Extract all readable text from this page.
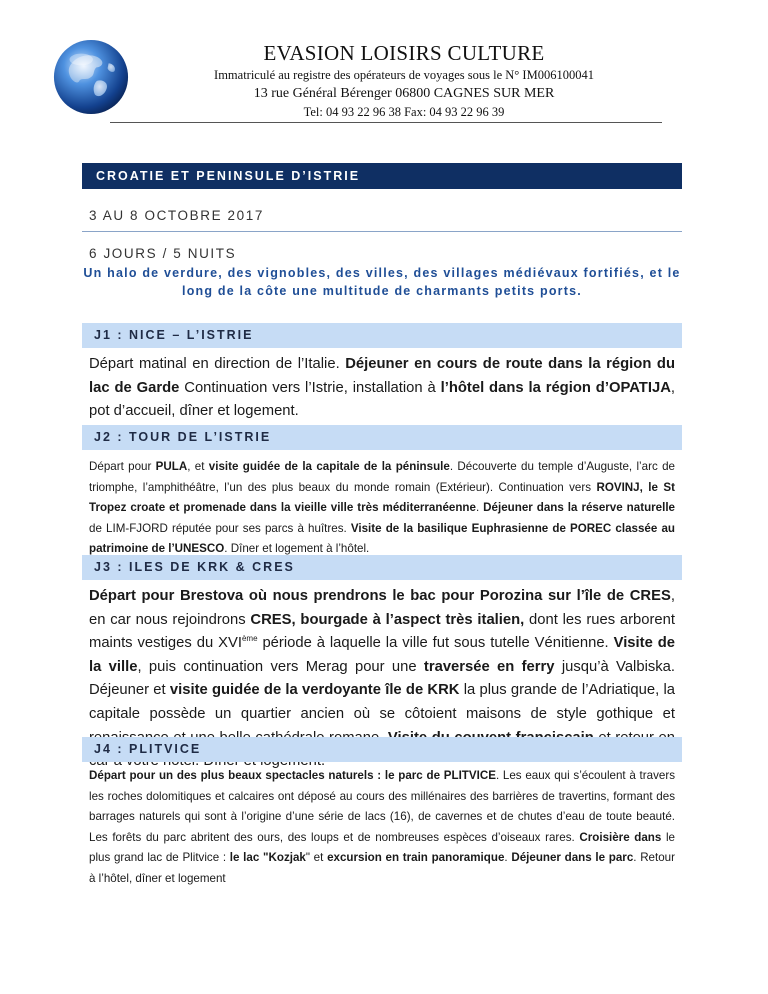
EVASION LOISIRS CULTURE
Immatriculé au registre des opérateurs de voyages sous le N° IM006100041
13 rue Général Bérenger 06800 CAGNES SUR MER
Tel: 04 93 22 96 38 Fax: 04 93 22 96 39
CROATIE ET PENINSULE D’ISTRIE
3 AU 8 OCTOBRE 2017
6 JOURS / 5 NUITS
Un halo de verdure, des vignobles, des villes, des villages médiévaux fortifiés, et le long de la côte une multitude de charmants petits ports.
J1 : NICE – L’ISTRIE
Départ matinal en direction de l’Italie. Déjeuner en cours de route dans la région du lac de Garde Continuation vers l’Istrie, installation à l’hôtel dans la région d’OPATIJA, pot d’accueil, dîner et logement.
J2 : TOUR DE L’ISTRIE
Départ pour PULA, et visite guidée de la capitale de la péninsule. Découverte du temple d’Auguste, l’arc de triomphe, l’amphithéâtre, l’un des plus beaux du monde romain (Extérieur). Continuation vers ROVINJ, le St Tropez croate et promenade dans la vieille ville très méditerranéenne. Déjeuner dans la réserve naturelle de LIM-FJORD réputée pour ses parcs à huîtres. Visite de la basilique Euphrasienne de POREC classée au patrimoine de l’UNESCO. Dîner et logement à l’hôtel.
J3 : ILES DE KRK & CRES
Départ pour Brestova où nous prendrons le bac pour Porozina sur l’île de CRES, en car nous rejoindrons CRES, bourgade à l’aspect très italien, dont les rues arborent maints vestiges du XVIème période à laquelle la ville fut sous tutelle Vénitienne. Visite de la ville, puis continuation vers Merag pour une traversée en ferry jusqu’à Valbiska. Déjeuner et visite guidée de la verdoyante île de KRK la plus grande de l’Adriatique, la capitale possède un quartier ancien où se côtoient maisons de style gothique et
J4 : PLITVICE
Départ pour un des plus beaux spectacles naturels : le parc de PLITVICE. Les eaux qui s’écoulent à travers les roches dolomitiques et calcaires ont déposé au cours des millénaires des barrières de travertins, formant des barrages naturels qui sont à l’origine d’une série de lacs (16), de cavernes et de chutes d’eau de toute beauté. Les forêts du parc abritent des ours, des loups et de nombreuses espèces d’oiseaux rares. Croisière dans le plus grand lac de Plitvice : le lac "Kozjak" et excursion en train panoramique. Déjeuner dans le parc. Retour à l’hôtel, dîner et logement
